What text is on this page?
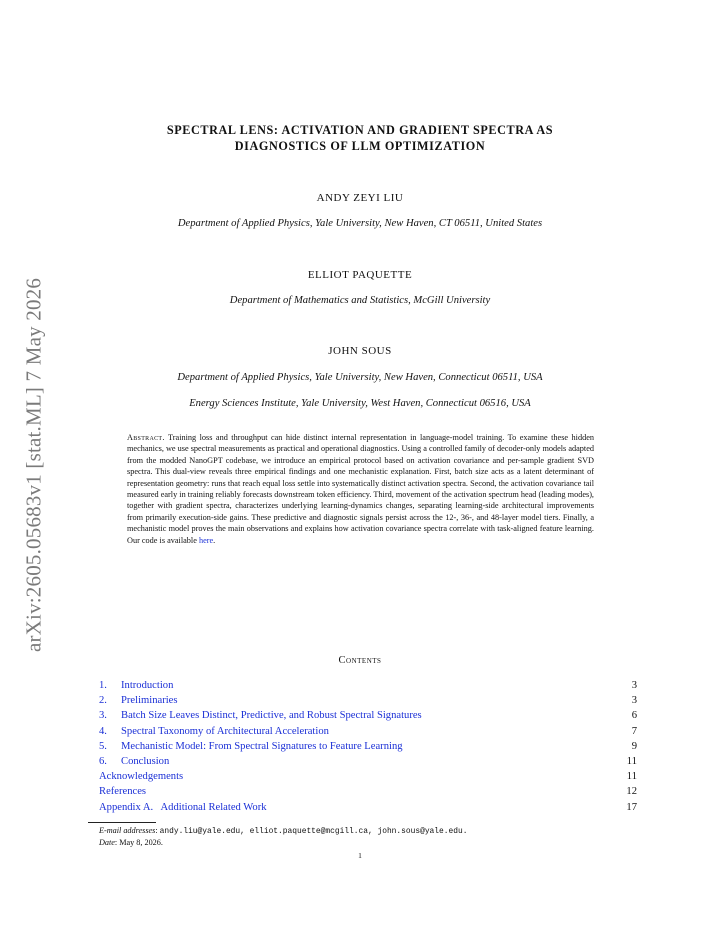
arXiv:2605.05683v1 [stat.ML] 7 May 2026
SPECTRAL LENS: ACTIVATION AND GRADIENT SPECTRA AS
DIAGNOSTICS OF LLM OPTIMIZATION
ANDY ZEYI LIU
Department of Applied Physics, Yale University, New Haven, CT 06511, United States
ELLIOT PAQUETTE
Department of Mathematics and Statistics, McGill University
JOHN SOUS
Department of Applied Physics, Yale University, New Haven, Connecticut 06511, USA
Energy Sciences Institute, Yale University, West Haven, Connecticut 06516, USA
Abstract. Training loss and throughput can hide distinct internal representation in language-model training. To examine these hidden mechanics, we use spectral measurements as practical and operational diagnostics. Using a controlled family of decoder-only models adapted from the modded NanoGPT codebase, we introduce an empirical protocol based on activation covariance and per-sample gradient SVD spectra. This dual-view reveals three empirical findings and one mechanistic explanation. First, batch size acts as a latent determinant of representation geometry: runs that reach equal loss settle into systematically distinct activation spectra. Second, the activation covariance tail measured early in training reliably forecasts downstream token efficiency. Third, movement of the activation spectrum head (leading modes), together with gradient spectra, characterizes underlying learning-dynamics changes, separating learning-side architectural improvements from primarily execution-side gains. These predictive and diagnostic signals persist across the 12-, 36-, and 48-layer model tiers. Finally, a mechanistic model proves the main observations and explains how activation covariance spectra correlate with task-aligned feature learning. Our code is available here.
Contents
1. Introduction	3
2. Preliminaries	3
3. Batch Size Leaves Distinct, Predictive, and Robust Spectral Signatures	6
4. Spectral Taxonomy of Architectural Acceleration	7
5. Mechanistic Model: From Spectral Signatures to Feature Learning	9
6. Conclusion	11
Acknowledgements	11
References	12
Appendix A.   Additional Related Work	17
E-mail addresses: andy.liu@yale.edu, elliot.paquette@mcgill.ca, john.sous@yale.edu.
Date: May 8, 2026.
1
